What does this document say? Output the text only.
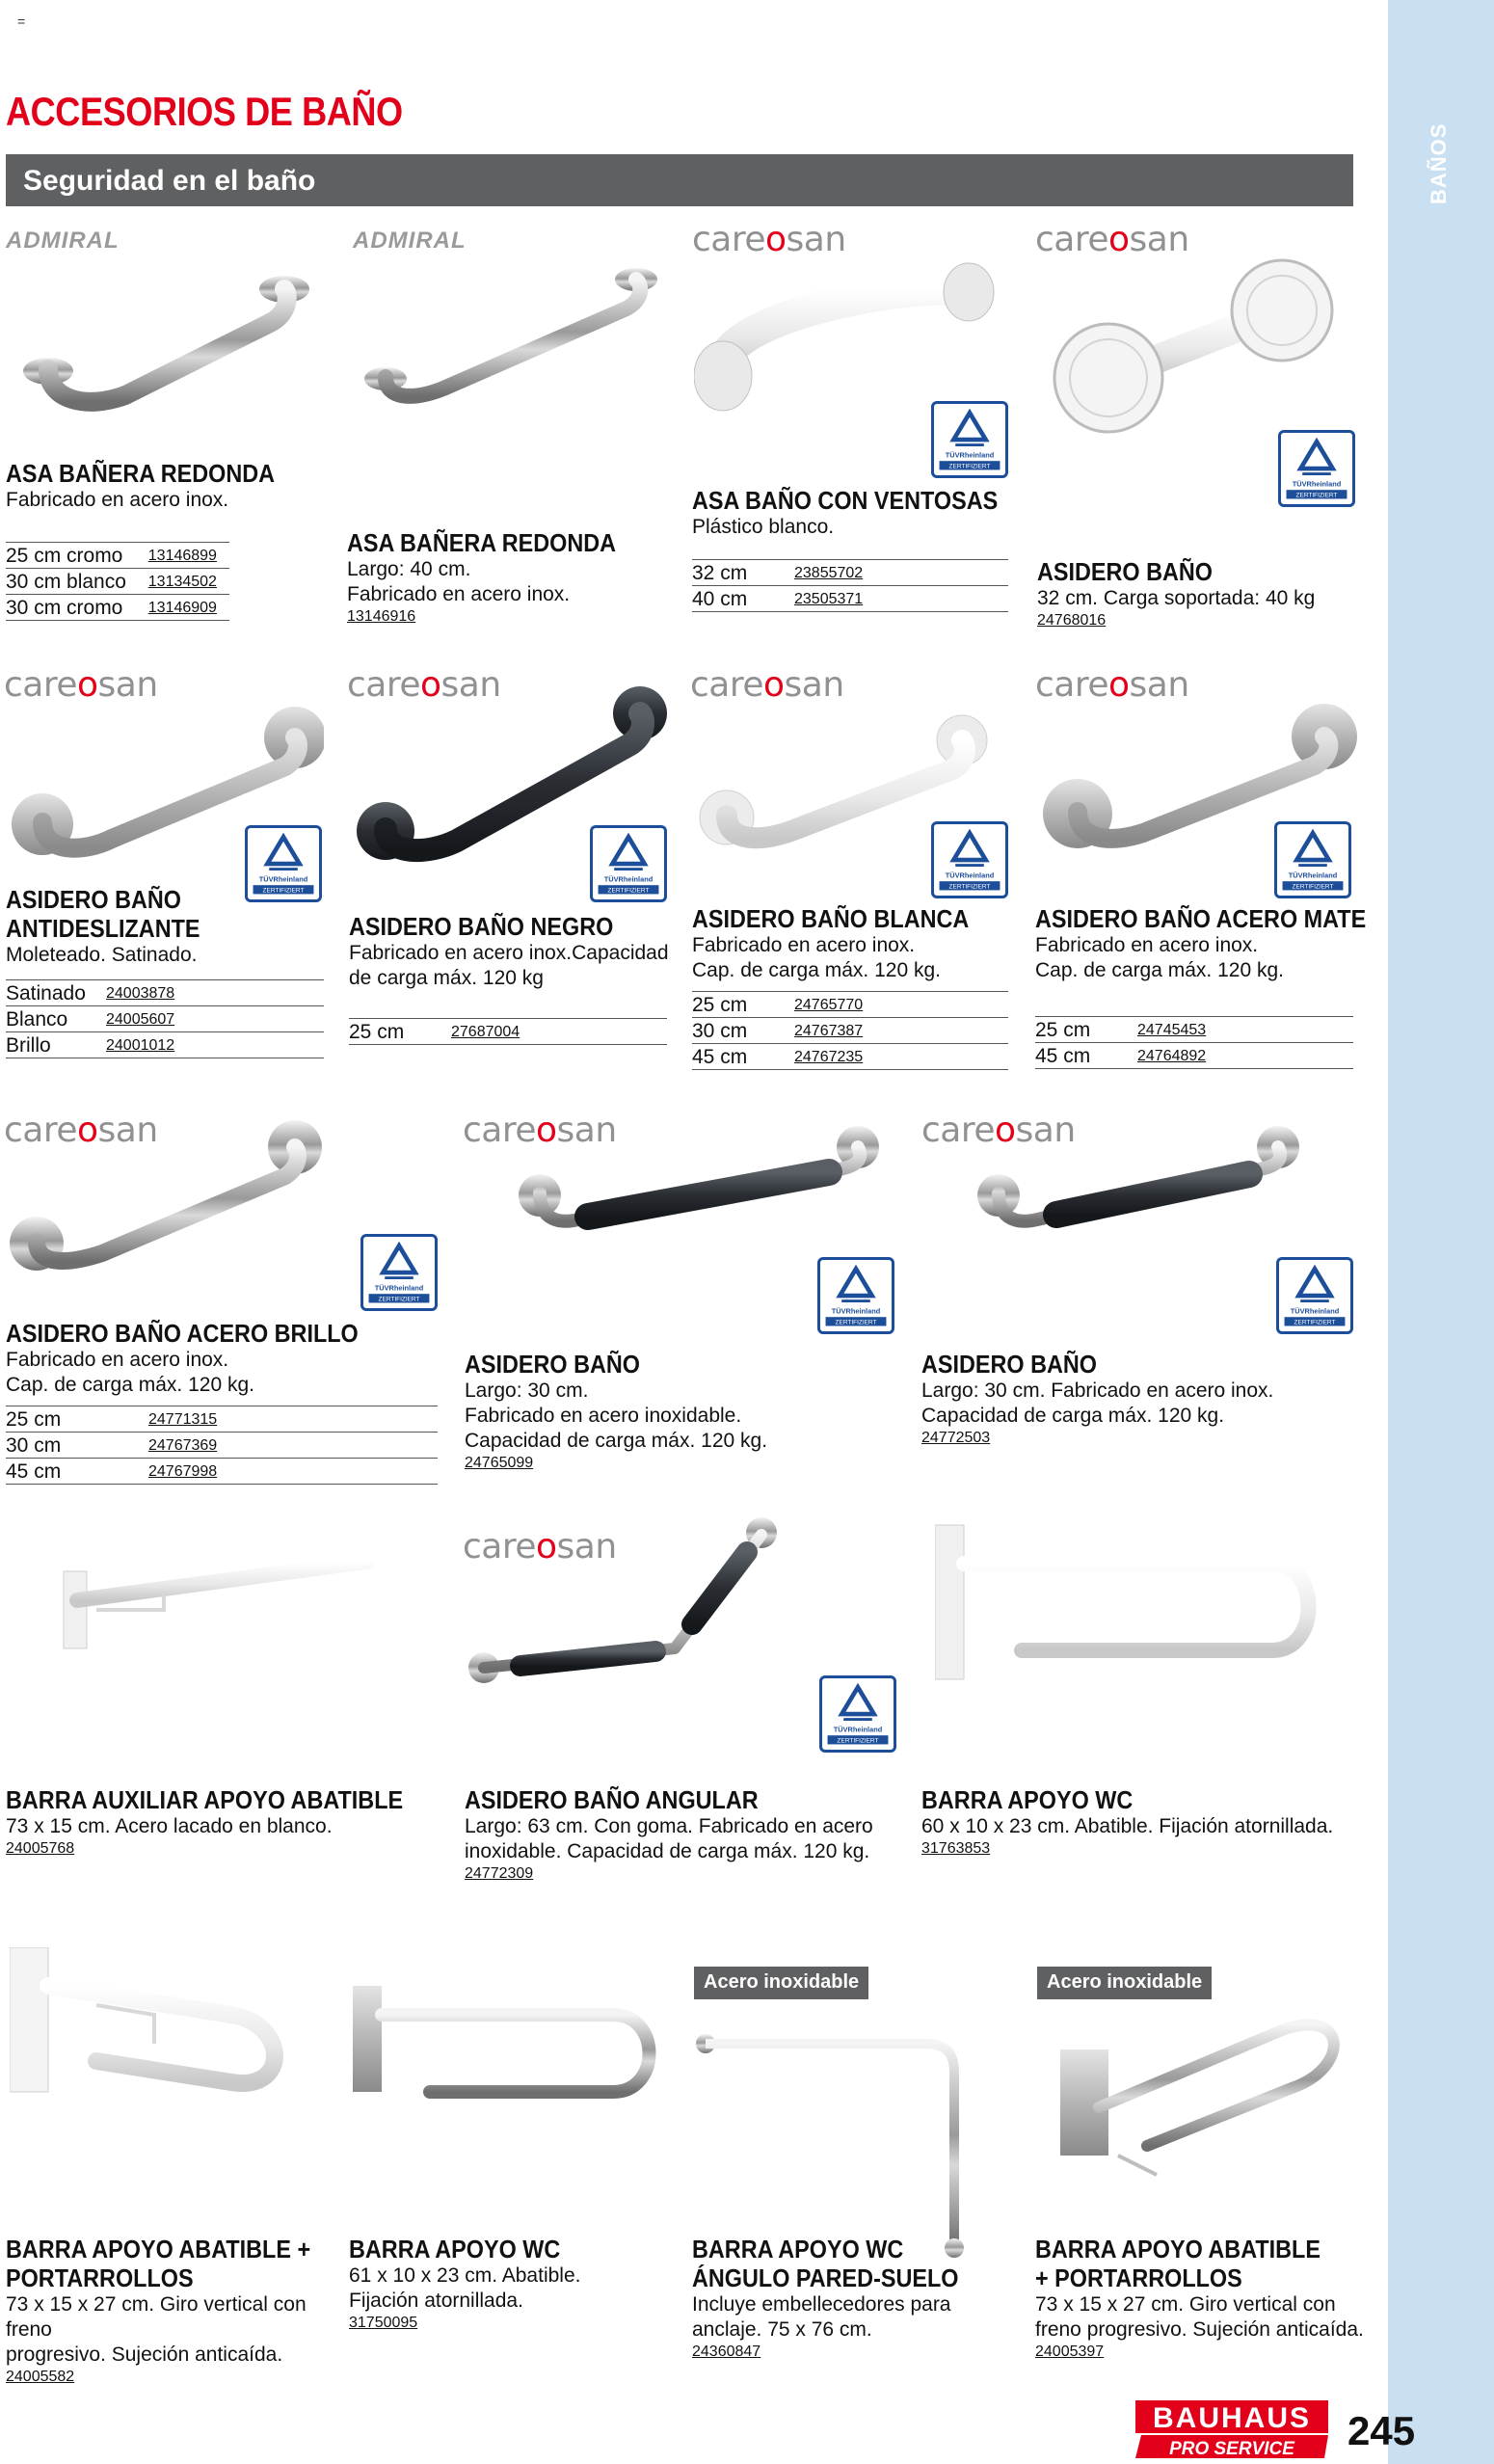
BAÑOS
=
ACCESORIOS DE BAÑO
Seguridad en el baño
ADMIRAL
ASA BAÑERA REDONDA
Fabricado en acero inox.
25 cm cromo	13146899
30 cm blanco	13134502
30 cm cromo	13146909
ADMIRAL
ASA BAÑERA REDONDA
Largo: 40 cm.
Fabricado en acero inox.
13146916
careosan
TÜVRheinland
ZERTIFIZIERT
ASA BAÑO CON VENTOSAS
Plástico blanco.
32 cm	23855702
40 cm	23505371
careosan
TÜVRheinland
ZERTIFIZIERT
ASIDERO BAÑO
32 cm. Carga soportada: 40 kg
24768016
careosan
TÜVRheinland
ZERTIFIZIERT
ASIDERO BAÑO
ANTIDESLIZANTE
Moleteado. Satinado.
Satinado	24003878
Blanco	24005607
Brillo	24001012
careosan
TÜVRheinland
ZERTIFIZIERT
ASIDERO BAÑO NEGRO
Fabricado en acero inox.Capacidad
de carga máx. 120 kg
25 cm	27687004
careosan
TÜVRheinland
ZERTIFIZIERT
ASIDERO BAÑO BLANCA
Fabricado en acero inox.
Cap. de carga máx. 120 kg.
25 cm	24765770
30 cm	24767387
45 cm	24767235
careosan
TÜVRheinland
ZERTIFIZIERT
ASIDERO BAÑO ACERO MATE
Fabricado en acero inox.
Cap. de carga máx. 120 kg.
25 cm	24745453
45 cm	24764892
careosan
TÜVRheinland
ZERTIFIZIERT
ASIDERO BAÑO ACERO BRILLO
Fabricado en acero inox.
Cap. de carga máx. 120 kg.
25 cm	24771315
30 cm	24767369
45 cm	24767998
careosan
TÜVRheinland
ZERTIFIZIERT
ASIDERO BAÑO
Largo: 30 cm.
Fabricado en acero inoxidable.
Capacidad de carga máx. 120 kg.
24765099
careosan
TÜVRheinland
ZERTIFIZIERT
ASIDERO BAÑO
Largo: 30 cm. Fabricado en acero inox.
Capacidad de carga máx. 120 kg.
24772503
BARRA AUXILIAR APOYO ABATIBLE
73 x 15 cm. Acero lacado en blanco.
24005768
careosan
TÜVRheinland
ZERTIFIZIERT
ASIDERO BAÑO ANGULAR
Largo: 63 cm. Con goma. Fabricado en acero
inoxidable. Capacidad de carga máx. 120 kg.
24772309
BARRA APOYO WC
60 x 10 x 23 cm. Abatible. Fijación atornillada.
31763853
BARRA APOYO ABATIBLE +
PORTARROLLOS
73 x 15 x 27 cm. Giro vertical con freno
progresivo. Sujeción anticaída.
24005582
BARRA APOYO WC
61 x 10 x 23 cm. Abatible.
Fijación atornillada.
31750095
Acero inoxidable
BARRA APOYO WC
ÁNGULO PARED-SUELO
Incluye embellecedores para
anclaje. 75 x 76 cm.
24360847
Acero inoxidable
BARRA APOYO ABATIBLE
+ PORTARROLLOS
73 x 15 x 27 cm. Giro vertical con
freno progresivo. Sujeción anticaída.
24005397
BAUHAUS
PRO SERVICE 245
